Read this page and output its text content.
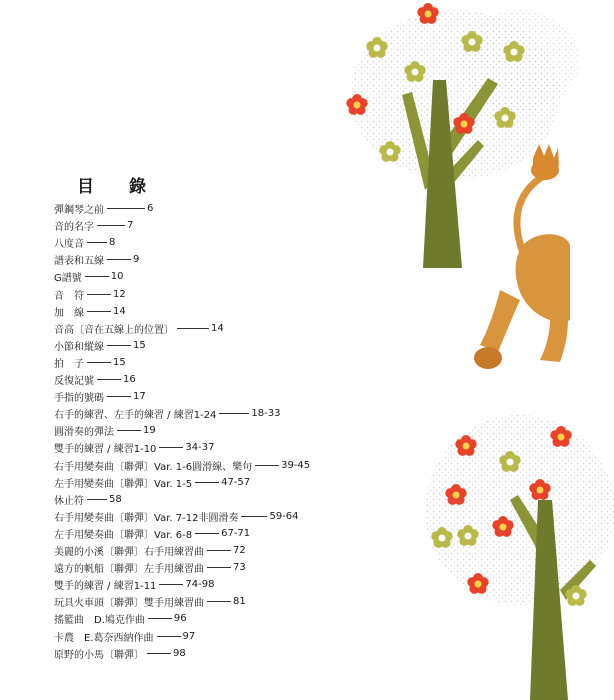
目　錄
彈鋼琴之前	6
音的名字	7
八度音	8
譜表和五線	9
G譜號	10
音　符	12
加　線	14
音高〔音在五線上的位置〕	14
小節和縱線	15
拍　子	15
反復記號	16
手指的號碼	17
右手的練習、左手的練習 / 練習1-24	18-33
圓滑奏的彈法	19
雙手的練習 / 練習1-10	34-37
右手用變奏曲〔聯彈〕Var. 1-6圓滑線、樂句	39-45
左手用變奏曲〔聯彈〕Var. 1-5	47-57
休止符	58
右手用變奏曲〔聯彈〕Var. 7-12非圓滑奏	59-64
左手用變奏曲〔聯彈〕Var. 6-8	67-71
美麗的小溪〔聯彈〕右手用練習曲	72
遠方的帆船〔聯彈〕左手用練習曲	73
雙手的練習 / 練習1-11	74-98
玩具火車頭〔聯彈〕雙手用練習曲	81
搖籃曲　D.鳩克作曲	96
卡農　E.葛奈西納作曲	97
原野的小馬〔聯彈〕	98
